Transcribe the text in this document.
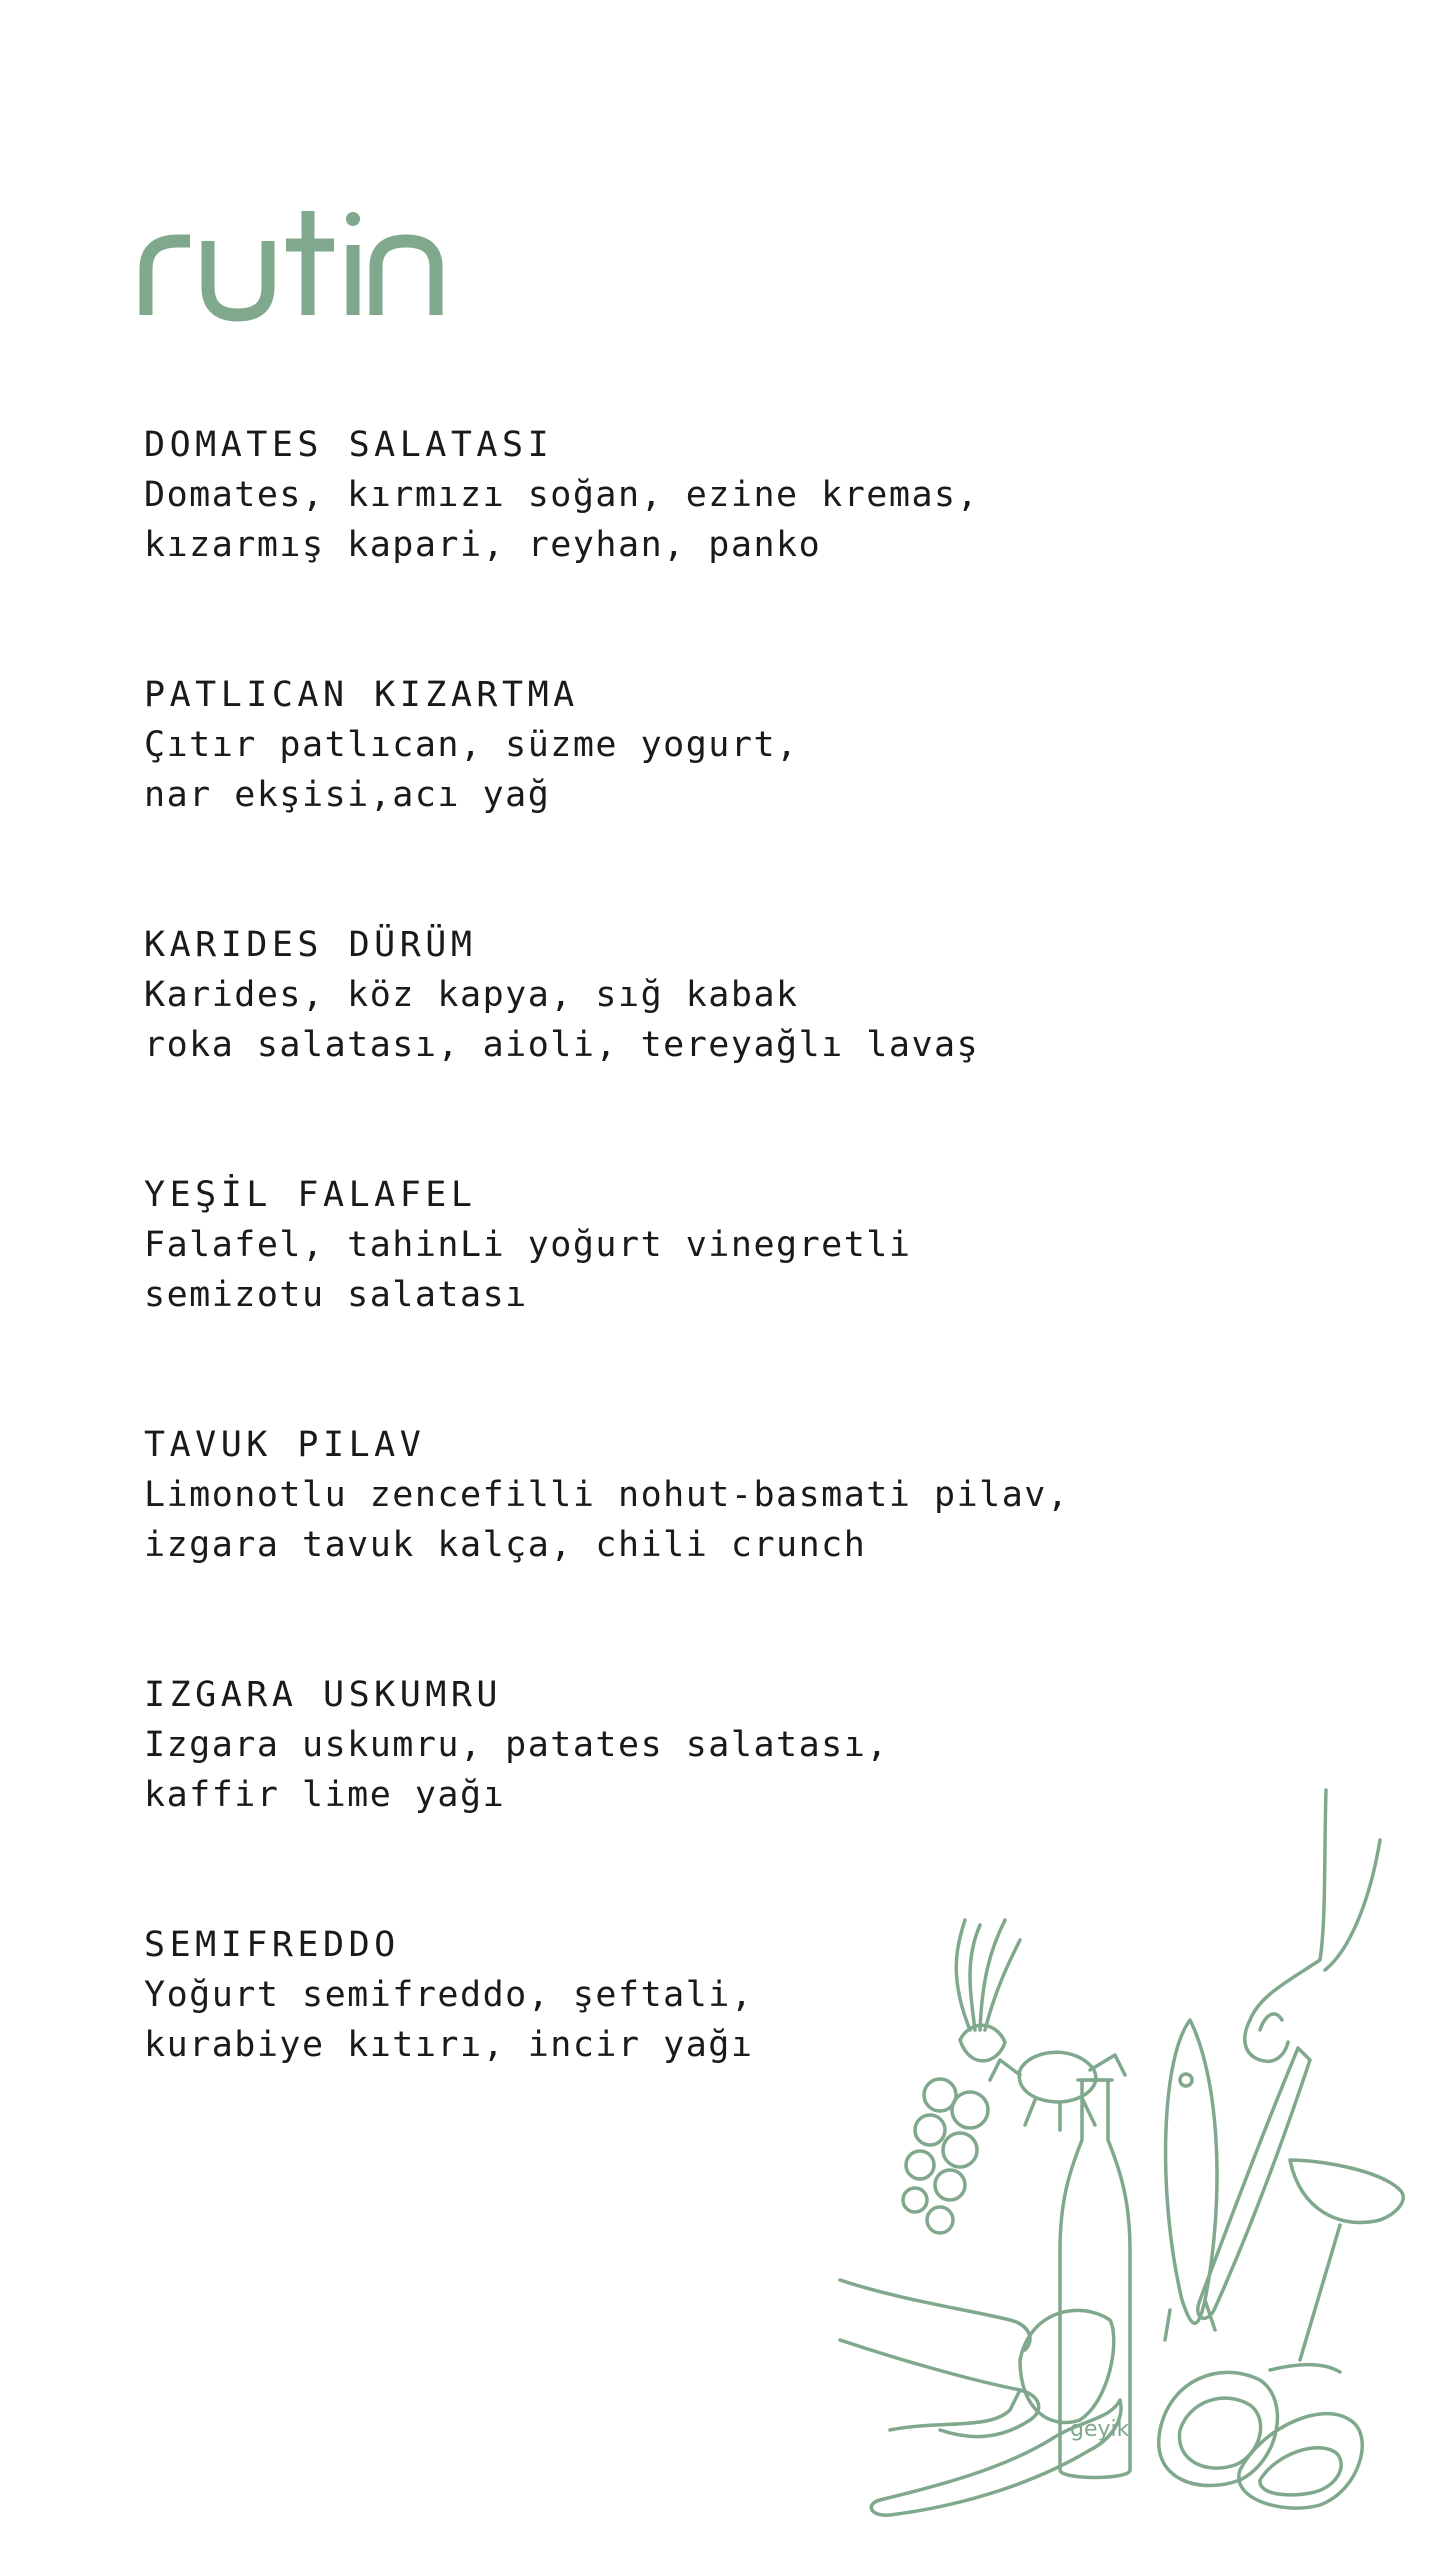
DOMATES SALATASI
Domates, kırmızı soğan, ezine kremas,
kızarmış kapari, reyhan, panko
PATLICAN KIZARTMA
Çıtır patlıcan, süzme yogurt,
nar ekşisi,acı yağ
KARIDES DÜRÜM
Karides, köz kapya, sığ kabak
roka salatası, aioli, tereyağlı lavaş
YEŞİL FALAFEL
Falafel, tahinLi yoğurt vinegretli
semizotu salatası
TAVUK PILAV
Limonotlu zencefilli nohut-basmati pilav,
izgara tavuk kalça, chili crunch
IZGARA USKUMRU
Izgara uskumru, patates salatası,
kaffir lime yağı
SEMIFREDDO
Yoğurt semifreddo, şeftali,
kurabiye kıtırı, incir yağı
geyik
